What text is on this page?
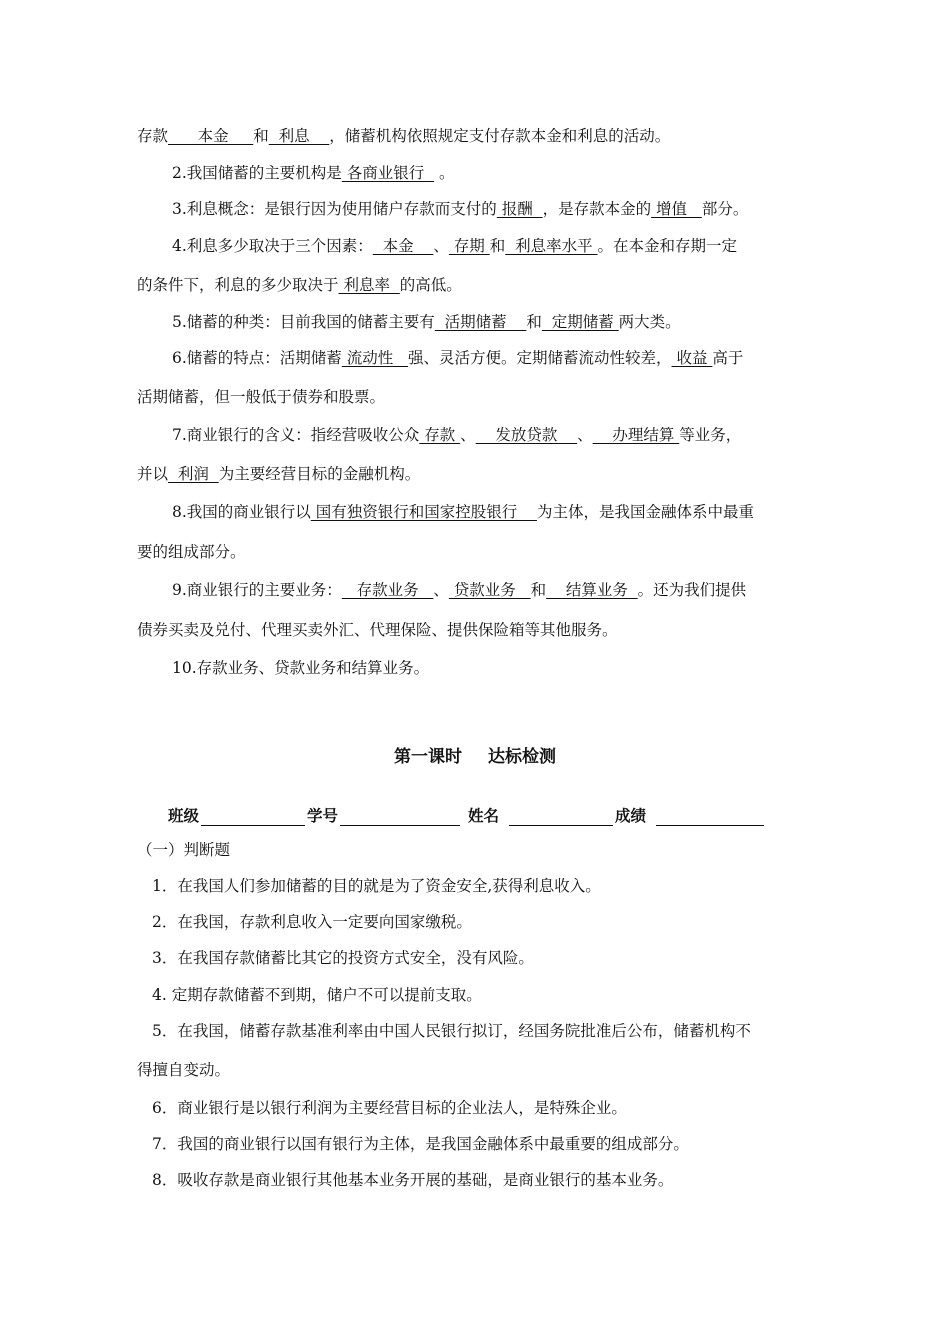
存款      本金     和  利息    ，储蓄机构依照规定支付存款本金和利息的活动。
2.我国储蓄的主要机构是 各商业银行   。
3.利息概念：是银行因为使用储户存款而支付的 报酬  ，是存款本金的 增值   部分。
4.利息多少取决于三个因素：  本金    、 存期 和  利息率水平 。在本金和存期一定
的条件下，利息的多少取决于 利息率  的高低。
5.储蓄的种类：目前我国的储蓄主要有  活期储蓄    和  定期储蓄 两大类。
6.储蓄的特点：活期储蓄 流动性   强、灵活方便。定期储蓄流动性较差， 收益 高于
活期储蓄，但一般低于债券和股票。
7.商业银行的含义：指经营吸收公众 存款 、    发放贷款    、    办理结算 等业务，
并以  利润  为主要经营目标的金融机构。
8.我国的商业银行以 国有独资银行和国家控股银行    为主体，是我国金融体系中最重
要的组成部分。
9.商业银行的主要业务：   存款业务   、 贷款业务   和    结算业务  。还为我们提供
债券买卖及兑付、代理买卖外汇、代理保险、提供保险箱等其他服务。
10.存款业务、贷款业务和结算业务。
第一课时 达标检测
班级	学号	姓名	成绩
（一）判断题
1．在我国人们参加储蓄的目的就是为了资金安全,获得利息收入。
2．在我国，存款利息收入一定要向国家缴税。
3．在我国存款储蓄比其它的投资方式安全，没有风险。
4. 定期存款储蓄不到期，储户不可以提前支取。
5．在我国，储蓄存款基准利率由中国人民银行拟订，经国务院批准后公布，储蓄机构不
得擅自变动。
6．商业银行是以银行利润为主要经营目标的企业法人，是特殊企业。
7．我国的商业银行以国有银行为主体，是我国金融体系中最重要的组成部分。
8．吸收存款是商业银行其他基本业务开展的基础，是商业银行的基本业务。
